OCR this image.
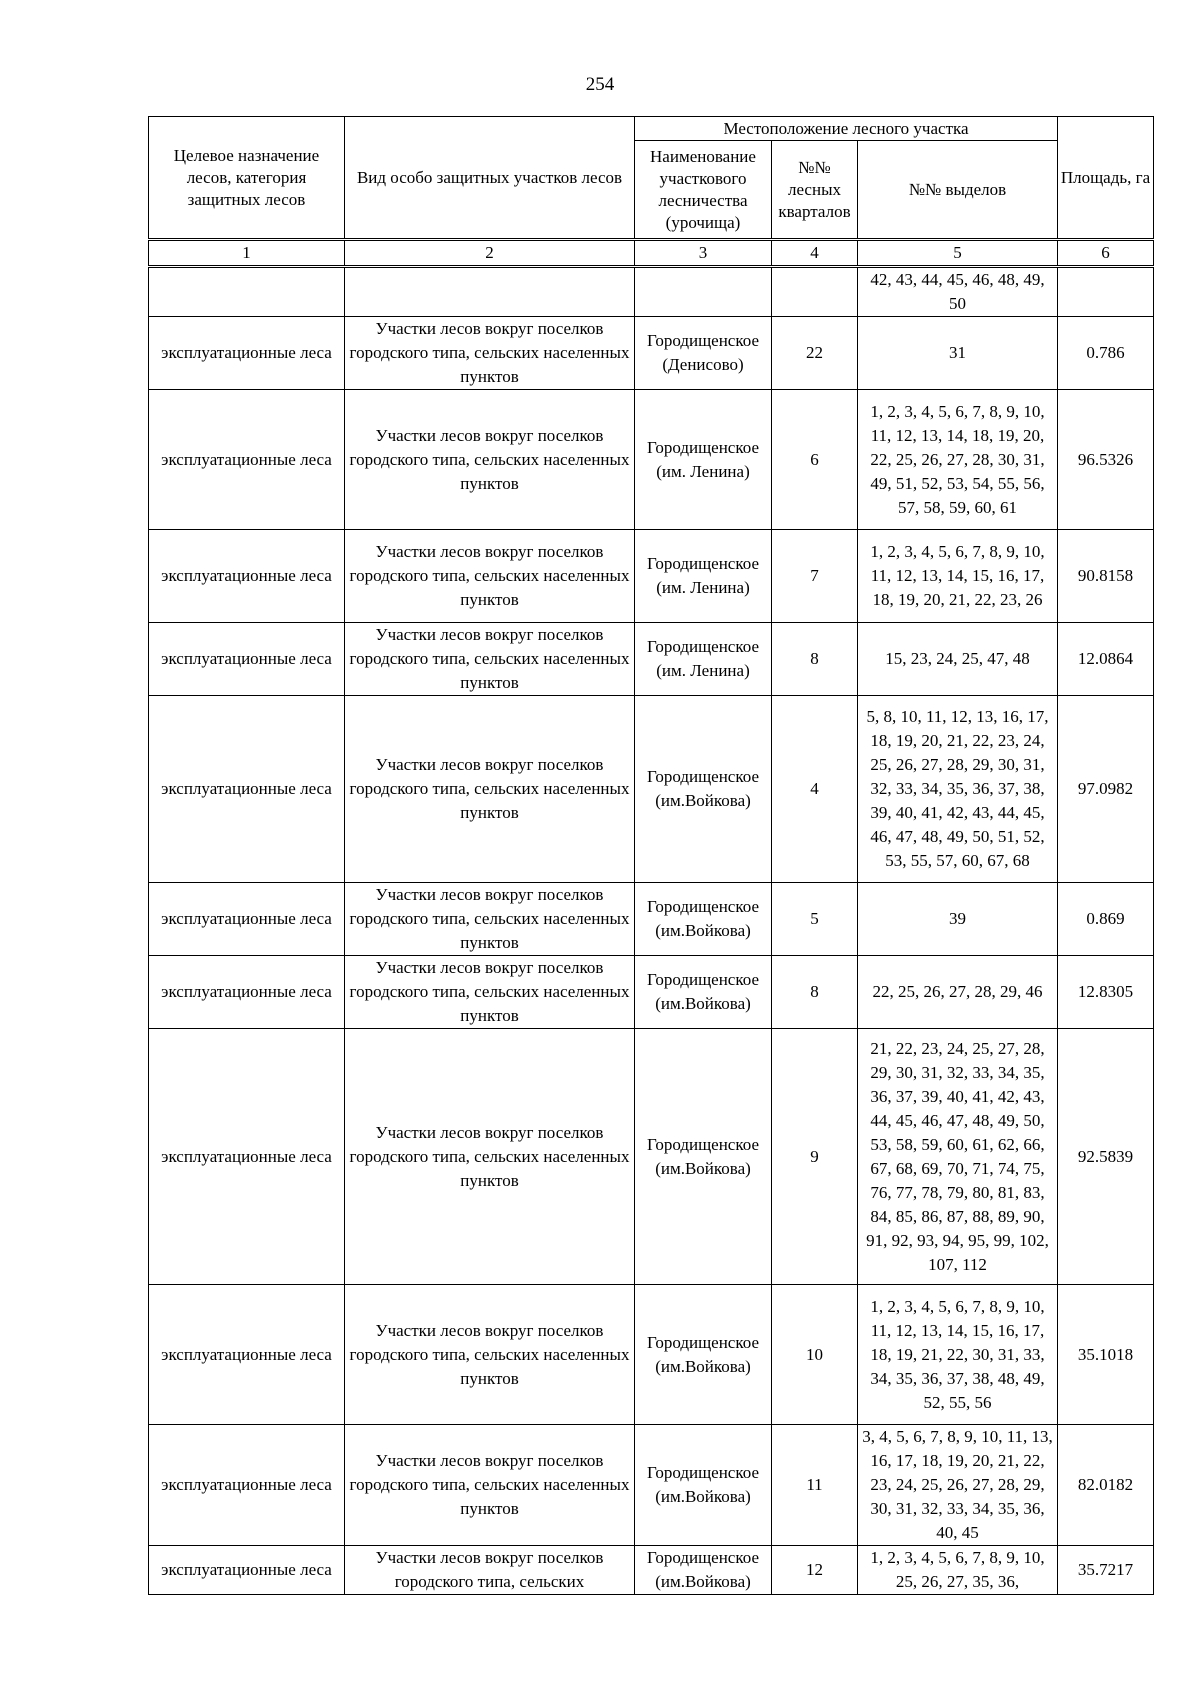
254
Целевое назначение лесов, категория защитных лесов	Вид особо защитных участков лесов	Местоположение лесного участка			Площадь, га
		Наименование участкового лесничества (урочища)	№№ лесных кварталов	№№ выделов	
1	2	3	4	5	6
				42, 43, 44, 45, 46, 48, 49, 50	
эксплуатационные леса	Участки лесов вокруг поселков городского типа, сельских населенных пунктов	Городищенское (Денисово)	22	31	0.786
эксплуатационные леса	Участки лесов вокруг поселков городского типа, сельских населенных пунктов	Городищенское (им. Ленина)	6	1, 2, 3, 4, 5, 6, 7, 8, 9, 10, 11, 12, 13, 14, 18, 19, 20, 22, 25, 26, 27, 28, 30, 31, 49, 51, 52, 53, 54, 55, 56, 57, 58, 59, 60, 61	96.5326
эксплуатационные леса	Участки лесов вокруг поселков городского типа, сельских населенных пунктов	Городищенское (им. Ленина)	7	1, 2, 3, 4, 5, 6, 7, 8, 9, 10, 11, 12, 13, 14, 15, 16, 17, 18, 19, 20, 21, 22, 23, 26	90.8158
эксплуатационные леса	Участки лесов вокруг поселков городского типа, сельских населенных пунктов	Городищенское (им. Ленина)	8	15, 23, 24, 25, 47, 48	12.0864
эксплуатационные леса	Участки лесов вокруг поселков городского типа, сельских населенных пунктов	Городищенское (им.Войкова)	4	5, 8, 10, 11, 12, 13, 16, 17, 18, 19, 20, 21, 22, 23, 24, 25, 26, 27, 28, 29, 30, 31, 32, 33, 34, 35, 36, 37, 38, 39, 40, 41, 42, 43, 44, 45, 46, 47, 48, 49, 50, 51, 52, 53, 55, 57, 60, 67, 68	97.0982
эксплуатационные леса	Участки лесов вокруг поселков городского типа, сельских населенных пунктов	Городищенское (им.Войкова)	5	39	0.869
эксплуатационные леса	Участки лесов вокруг поселков городского типа, сельских населенных пунктов	Городищенское (им.Войкова)	8	22, 25, 26, 27, 28, 29, 46	12.8305
эксплуатационные леса	Участки лесов вокруг поселков городского типа, сельских населенных пунктов	Городищенское (им.Войкова)	9	21, 22, 23, 24, 25, 27, 28, 29, 30, 31, 32, 33, 34, 35, 36, 37, 39, 40, 41, 42, 43, 44, 45, 46, 47, 48, 49, 50, 53, 58, 59, 60, 61, 62, 66, 67, 68, 69, 70, 71, 74, 75, 76, 77, 78, 79, 80, 81, 83, 84, 85, 86, 87, 88, 89, 90, 91, 92, 93, 94, 95, 99, 102, 107, 112	92.5839
эксплуатационные леса	Участки лесов вокруг поселков городского типа, сельских населенных пунктов	Городищенское (им.Войкова)	10	1, 2, 3, 4, 5, 6, 7, 8, 9, 10, 11, 12, 13, 14, 15, 16, 17, 18, 19, 21, 22, 30, 31, 33, 34, 35, 36, 37, 38, 48, 49, 52, 55, 56	35.1018
эксплуатационные леса	Участки лесов вокруг поселков городского типа, сельских населенных пунктов	Городищенское (им.Войкова)	11	3, 4, 5, 6, 7, 8, 9, 10, 11, 13, 16, 17, 18, 19, 20, 21, 22, 23, 24, 25, 26, 27, 28, 29, 30, 31, 32, 33, 34, 35, 36, 40, 45	82.0182
эксплуатационные леса	Участки лесов вокруг поселков городского типа, сельских	Городищенское (им.Войкова)	12	1, 2, 3, 4, 5, 6, 7, 8, 9, 10, 25, 26, 27, 35, 36,	35.7217
